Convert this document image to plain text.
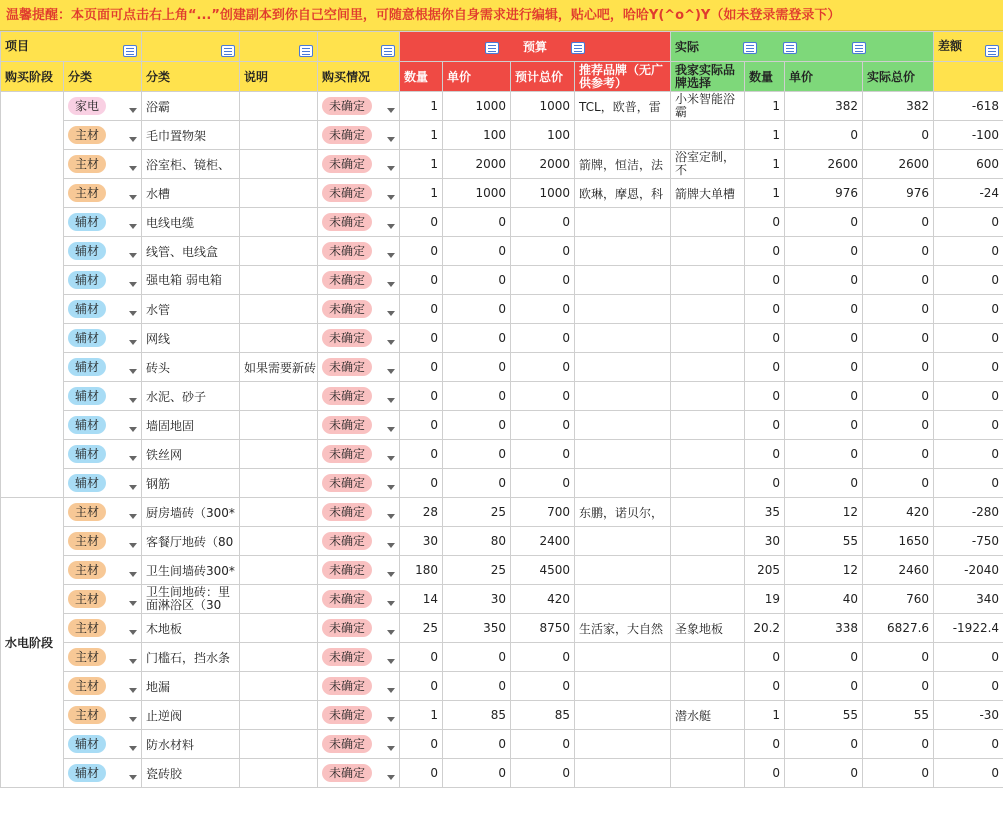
温馨提醒：本页面可点击右上角“...”创建副本到你自己空间里，可随意根据你自身需求进行编辑，贴心吧，哈哈Y(^o^)Y（如未登录需登录下）
项目					预算				实际				差额

购买阶段	分类	分类	说明	购买情况	数量	单价	预计总价	推荐品牌（无广供参考）	我家实际品牌选择	数量	单价	实际总价	
	家电	浴霸		未确定	1	1000	1000	TCL，欧普，雷	小米智能浴霸	1	382	382	-618
	主材	毛巾置物架		未确定	1	100	100			1	0	0	-100
	主材	浴室柜、镜柜、		未确定	1	2000	2000	箭牌，恒洁，法	浴室定制，不	1	2600	2600	600
	主材	水槽		未确定	1	1000	1000	欧琳，摩恩，科	箭牌大单槽	1	976	976	-24
	辅材	电线电缆		未确定	0	0	0			0	0	0	0
	辅材	线管、电线盒		未确定	0	0	0			0	0	0	0
	辅材	强电箱 弱电箱		未确定	0	0	0			0	0	0	0
	辅材	水管		未确定	0	0	0			0	0	0	0
	辅材	网线		未确定	0	0	0			0	0	0	0
	辅材	砖头	如果需要新砖	未确定	0	0	0			0	0	0	0
	辅材	水泥、砂子		未确定	0	0	0			0	0	0	0
	辅材	墙固地固		未确定	0	0	0			0	0	0	0
	辅材	铁丝网		未确定	0	0	0			0	0	0	0
	辅材	钢筋		未确定	0	0	0			0	0	0	0
水电阶段	主材	厨房墙砖（300*		未确定	28	25	700	东鹏，诺贝尔，		35	12	420	-280
	主材	客餐厅地砖（80		未确定	30	80	2400			30	55	1650	-750
	主材	卫生间墙砖300*		未确定	180	25	4500			205	12	2460	-2040
	主材	卫生间地砖：里面淋浴区（30		未确定	14	30	420			19	40	760	340
	主材	木地板		未确定	25	350	8750	生活家，大自然	圣象地板	20.2	338	6827.6	-1922.4
	主材	门槛石，挡水条		未确定	0	0	0			0	0	0	0
	主材	地漏		未确定	0	0	0			0	0	0	0
	主材	止逆阀		未确定	1	85	85		潜水艇	1	55	55	-30
	辅材	防水材料		未确定	0	0	0			0	0	0	0
	辅材	瓷砖胶		未确定	0	0	0			0	0	0	0
